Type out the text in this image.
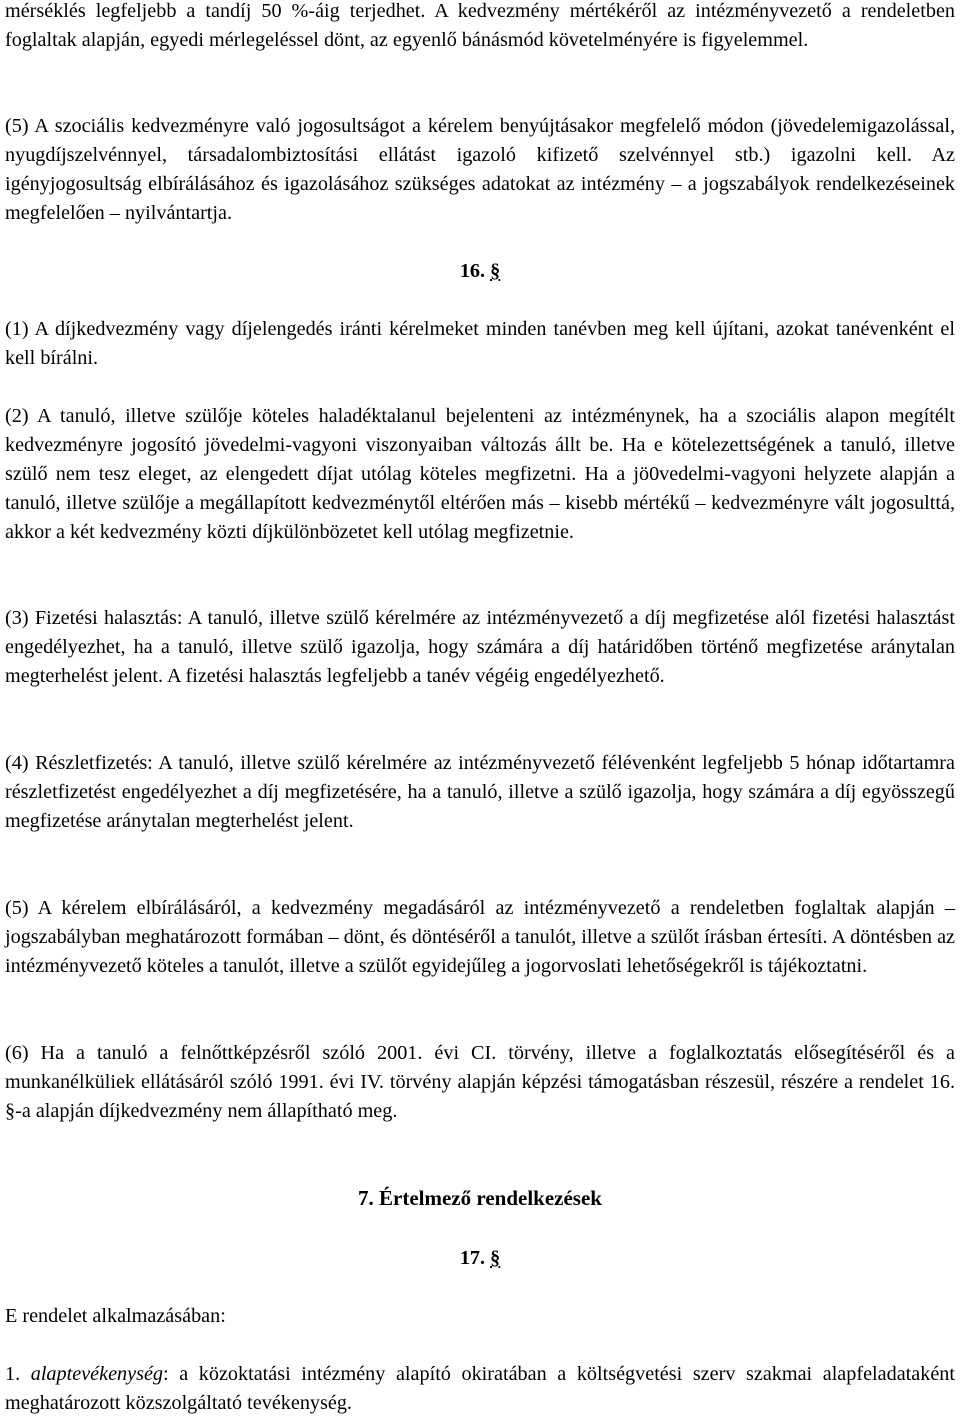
mérséklés legfeljebb a tandíj 50 %-áig terjedhet. A kedvezmény mértékéről az intézményvezető a rendeletben foglaltak alapján, egyedi mérlegeléssel dönt, az egyenlő bánásmód követelményére is figyelemmel.

(5) A szociális kedvezményre való jogosultságot a kérelem benyújtásakor megfelelő módon (jövedelemigazolással, nyugdíjszelvénnyel, társadalombiztosítási ellátást igazoló kifizető szelvénnyel stb.) igazolni kell. Az igényjogosultság elbírálásához és igazolásához szükséges adatokat az intézmény – a jogszabályok rendelkezéseinek megfelelően – nyilvántartja.

16. §

(1) A díjkedvezmény vagy díjelengedés iránti kérelmeket minden tanévben meg kell újítani, azokat tanévenként el kell bírálni.

(2) A tanuló, illetve szülője köteles haladéktalanul bejelenteni az intézménynek, ha a szociális alapon megítélt kedvezményre jogosító jövedelmi-vagyoni viszonyaiban változás állt be. Ha e kötelezettségének a tanuló, illetve szülő nem tesz eleget, az elengedett díjat utólag köteles megfizetni. Ha a jö0vedelmi-vagyoni helyzete alapján a tanuló, illetve szülője a megállapított kedvezménytől eltérően más – kisebb mértékű – kedvezményre vált jogosulttá, akkor a két kedvezmény közti díjkülönbözetet kell utólag megfizetnie.

(3) Fizetési halasztás: A tanuló, illetve szülő kérelmére az intézményvezető a díj megfizetése alól fizetési halasztást engedélyezhet, ha a tanuló, illetve szülő igazolja, hogy számára a díj határidőben történő megfizetése aránytalan megterhelést jelent. A fizetési halasztás legfeljebb a tanév végéig engedélyezhető.

(4) Részletfizetés: A tanuló, illetve szülő kérelmére az intézményvezető félévenként legfeljebb 5 hónap időtartamra részletfizetést engedélyezhet a díj megfizetésére, ha a tanuló, illetve a szülő igazolja, hogy számára a díj egyösszegű megfizetése aránytalan megterhelést jelent.

(5) A kérelem elbírálásáról, a kedvezmény megadásáról az intézményvezető a rendeletben foglaltak alapján – jogszabályban meghatározott formában – dönt, és döntéséről a tanulót, illetve a szülőt írásban értesíti. A döntésben az intézményvezető köteles a tanulót, illetve a szülőt egyidejűleg a jogorvoslati lehetőségekről is tájékoztatni.

(6) Ha a tanuló a felnőttképzésről szóló 2001. évi CI. törvény, illetve a foglalkoztatás elősegítéséről és a munkanélküliek ellátásáról szóló 1991. évi IV. törvény alapján képzési támogatásban részesül, részére a rendelet 16. §-a alapján díjkedvezmény nem állapítható meg.

7. Értelmező rendelkezések
17. §

E rendelet alkalmazásában:

1. alaptevékenység: a közoktatási intézmény alapító okiratában a költségvetési szerv szakmai alapfeladataként meghatározott közszolgáltató tevékenység.
